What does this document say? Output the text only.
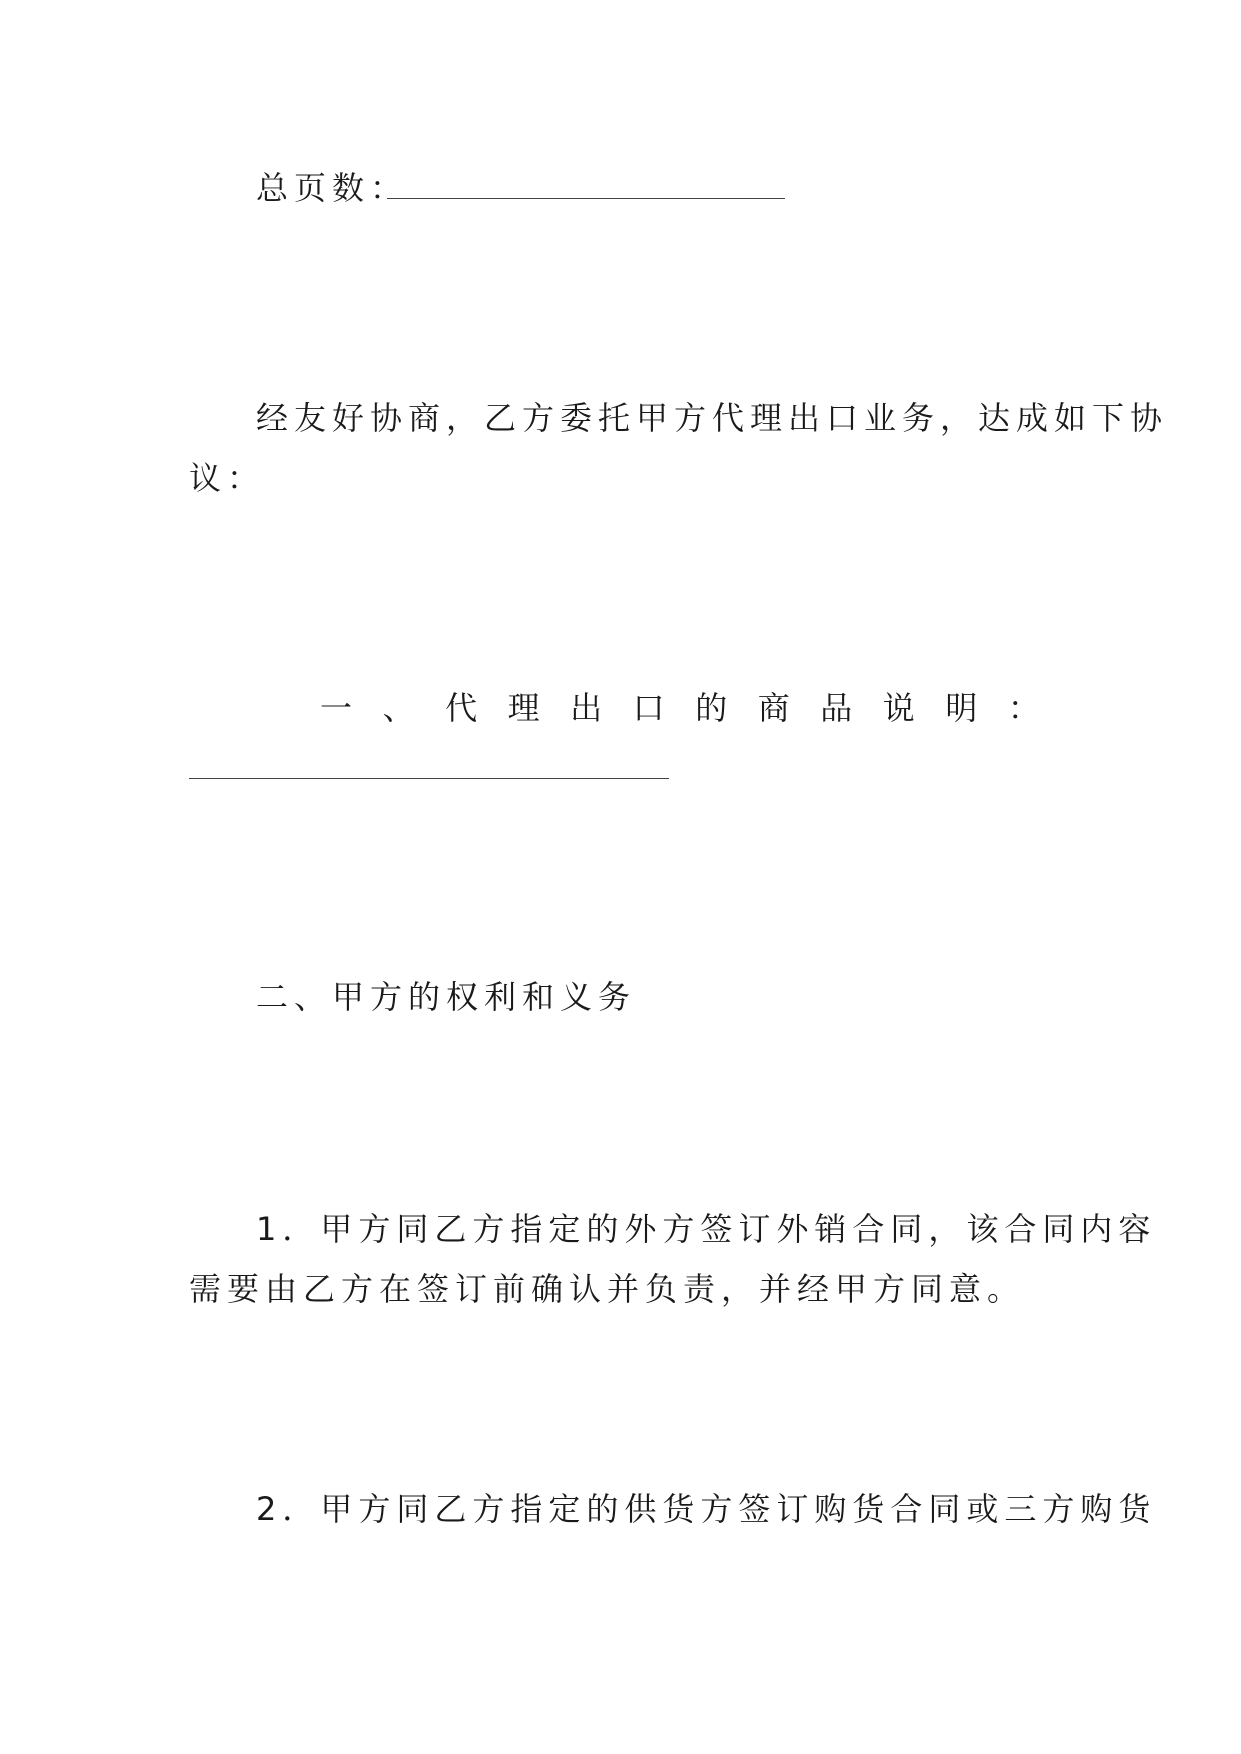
总页数：
经友好协商，乙方委托甲方代理出口业务，达成如下协
议：
一 、 代 理 出 口 的 商 品 说 明 ：
二、甲方的权利和义务
1．甲方同乙方指定的外方签订外销合同，该合同内容
需要由乙方在签订前确认并负责，并经甲方同意。
2．甲方同乙方指定的供货方签订购货合同或三方购货
